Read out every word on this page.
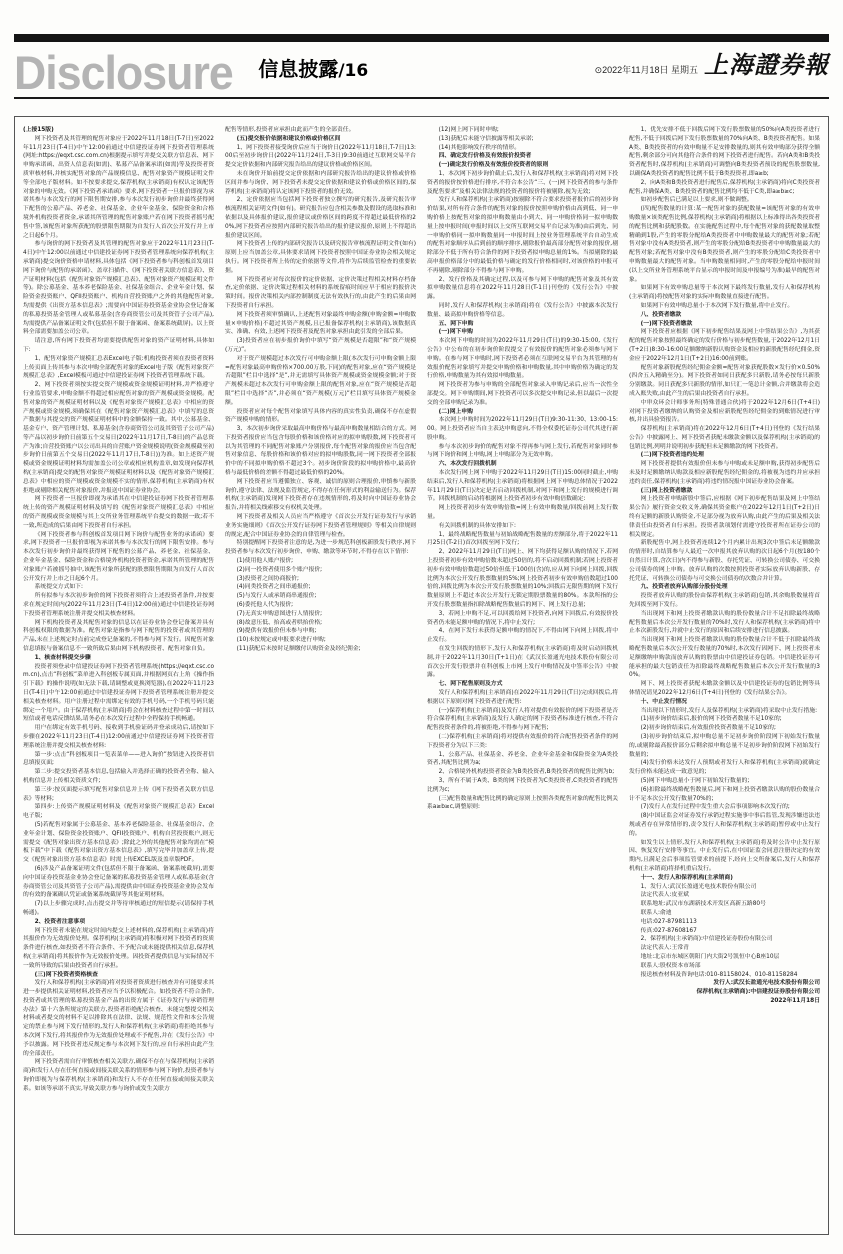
Disclosure 信息披露/16	⊙2022年11月18日 星期五 上海證券報

(上接15版)

网下投资者及其管理的配售对象应于2022年11月18日(T-7日)至2022年11月23日(T-4日)中午12:00前通过中信建投证券网下投资者管理系统(网址:https://eqxt.csc.com.cn)根据提示填写并提交关联方信息表、网下申购承诺函、出资人信息表(如需)、私募产品备案承诺(如需)等及投资者资质审核材料,并核实配售对象的产品规模信息、配售对象资产规模证明文件等全部电子版材料。如不按要求提交,保荐机构(主承销商)有权认定该配售对象的申购无效。《网下投资者承诺函》要求,网下投资者一旦报价即视为承诺其参与本次发行的网下限售期安排,参与本次发行初步询价并最终获得网下配售的公募产品、养老金、社保基金、企业年金基金、保险资金和合格境外机构投资者资金,承诺其所管理的配售对象账户若在网下投资者摇号配售中签,该配售对象所获配的股票限售期限为自发行人首次公开发行并上市之日起6个月。

参与询价的网下投资者及其管理的配售对象应于2022年11月23日(T-4日)中午12:00以前通过中信建投证券网下投资者管理系统向保荐机构(主承销商)提交询价资格申请材料,具体包括《网下投资者参与科创板首发项目网下询价与配售的承诺函》、盖章扫描件、《网下投资者关联方信息表》、资产证明材料(包括《配售对象资产规模汇总表》、配售对象资产规模证明文件等)。除公募基金、基本养老保险基金、社保基金组合、企业年金计划、保险资金投资账户、QFII投资账户、机构自营投资账户之外的其他配售对象,均需提供《出资方基本信息表》;需要向中国证券投资基金业协会登记备案的私募投资基金管理人或私募基金(含券商资管公司及其资管子公司产品),均需提供产品备案证明文件(包括但不限于备案函、备案系统截屏)。以上资料全部需要加盖公司公章。

请注意,所有网下投资者均需要提供配售对象的资产证明材料,具体如下:

1、配售对象资产规模汇总表Excel电子版:机构投资者须在投资者资料上传页面上传其参与本次申购全部配售对象的Excel电子版《配售对象资产规模汇总表》,Excel模板可通过中信建投证券网下投资者管理系统下载。

2、网下投资者须按实提交资产规模或资金规模证明材料,并严格遵守行业监管要求,申购金额不得超过相应配售对象的资产规模或资金规模。配售对象的资产规模证明材料以及《配售对象资产规模汇总表》中相应的资产规模或资金规模,须确保其在《配售对象资产规模汇总表》中填写的总资产数据与其提交的资产规模证明材料中的金额保持一致。其中,公募基金、基金专户、资产管理计划、私募基金(含券商资管公司及其资管子公司产品)等产品以初步询价日前第五个交易日(2022年11月17日,T-8日)的产品总资产为准;自营投资账户以公司出具的自营账户资金规模说明(资金规模截至初步询价日前第五个交易日(2022年11月17日,T-8日))为准。如上述资产规模或资金规模证明材料均需加盖公司公章或相应机构盖章,如发现向保荐机构(主承销商)提交的配售对象资产规模证明材料以及《配售对象资产规模汇总表》中相应的资产规模或资金规模不实的情形,保荐机构(主承销商)有权拒绝或剔除相关配售对象报价,并报送中国证券业协会。

网下投资者一旦报价即视为承诺其在中信建投证券网下投资者管理系统上传的资产规模证明材料及填写的《配售对象资产规模汇总表》中相应的资产规模或资金规模与其上交所业务管理系统平台提交的数据一致;若不一致,所造成的后果由网下投资者自行承担。

《网下投资者参与科创板首发项目网下询价与配售业务的承诺函》要求,网下投资者一旦报价即视为承诺其参与本次发行的网下限售安排。参与本次发行初步询价并最终获得网下配售的公募产品、养老金、社保基金、企业年金基金、保险资金和合格境外机构投资者资金,承诺其所管理的配售对象账户若被摇号抽中,该配售对象所获配的股票限售期限为自发行人首次公开发行并上市之日起6个月。

系统提交方式如下:

所有拟参与本次初步询价的网下投资者须符合上述投资者条件,并按要求在规定时间内(2022年11月23日(T-4日)12:00前)通过中信建投证券网下投资者管理系统注册并提交相关核查材料。

网下机构投资者及其配售对象的信息以在证券业协会登记备案并具有科创板权限的数据为准。配售对象是指参与网下配售的投资者或其管理的产品,未在上述规定时点前完成登记备案的,不得参与网下发行。因配售对象信息填报与备案信息不一致所致后果由网下机构投资者、配售对象自负。

1、核查材料提交步骤

投资者须登录中信建投证券网下投资者管理系统(https://eqxt.csc.com.cn),点击“科创板”菜单进入科创板专属页面,并根据网页右上角《操作指引下载》的操作说明(如无法下载,请调整或更换浏览器),在2022年11月23日(T-4日)中午12:00前通过中信建投证券网下投资者管理系统注册并提交相关核查材料。用户注册过程中需绑定有效的手机号码,一个手机号码只能绑定一个用户。由于保荐机构(主承销商)将会在材料核查过程中第一时间以短信或者电话反馈结果,请务必在本次发行过程中全程保持手机畅通。

用户在绑定有效手机号码、接收到手机验证码并登录成功后,请按如下步骤在2022年11月23日(T-4日)12:00前通过中信建投证券网下投资者管理系统注册并提交相关核查材料:

第一步:点击“科创板项目一览表菜单——进入询价”按钮进入投资者信息填报页面;

第二步:提交投资者基本信息,包括输入并选择正确的投资者全称、输入机构信息并上传相关资质文件;

第三步:按页面提示填写配售对象信息并上传《网下投资者关联方信息表》等材料;

第四步:上传资产规模证明材料及《配售对象资产规模汇总表》Excel电子版;

(5)若配售对象属于公募基金、基本养老保险基金、社保基金组合、企业年金计划、保险资金投资账户、QFII投资账户、机构自营投资账户,则无需提交《配售对象出资方基本信息表》;除此之外的其他配售对象均需在“模板下载”中下载《配售对象出资方基本信息表》,填写完毕并加盖章上传,提交《配售对象出资方基本信息表》时需上传EXCEL版及盖章版PDF。

(6)涉及产品备案证明文件(包括但不限于备案函、备案系统截屏),需要向中国证券投资基金业协会登记备案的私募投资基金管理人或私募基金(含券商资管公司及其资管子公司产品),需提供由中国证券投资基金业协会发布的有效的备案确认凭证或备案系统截屏等其他证明材料。

(7)以上步骤完成时,点击提交并等待审核通过的短信提示(请保持手机畅通)。

2、投资者注意事项

网下投资者未能在规定时间内提交上述材料的,保荐机构(主承销商)将其报价作为无效报价处理。保荐机构(主承销商)将积极对网下投资者的资质条件进行核查,如投资者不符合条件、不予配合或未能提供相关信息,保荐机构(主承销商)将其报价作为无效报价处理。因投资者提供信息与实际情况不一致所导致的后果由投资者自行承担。

(三)网下投资者资格核查

发行人和保荐机构(主承销商)将对投资者资质进行核查并有可能要求其进一步提供相关证明材料,投资者应当予以积极配合。如投资者不符合条件,投资者或其管理的私募投资基金产品的出资方属于《证券发行与承销管理办法》第十六条所规定的关联方,投资者拒绝配合核查、未能完整提交相关材料或者提交的材料不足以排除其在法律、法规、规范性文件和本公告规定的禁止参与网下发行情形的,发行人和保荐机构(主承销商)将拒绝其参与本次网下发行,将其报价作为无效报价处理或不予配售,并在《发行公告》中予以披露。网下投资者违反规定参与本次网下发行的,应自行承担由此产生的全部责任。

网下投资者需自行审慎核查相关关联方,确保不存在与保荐机构(主承销商)和发行人存在任何直接或间接关联关系的情形参与网下询价,投资者参与询价即视为与保荐机构(主承销商)和发行人不存在任何直接或间接关联关系。如该等承诺不真实,导致关联方参与询价或发生关联方

配售等情形,投资者应承担由此而产生的全部责任。

(五)提交报价依据和建议价格或价格区间

1、网下投资者接受询价后应当于询价日(2022年11月18日,T-7日)13:00后至初步询价日(2022年11月24日,T-3日)9:30前通过互联网交易平台提交定价依据和内部研究报告给出的建议价格或价格区间。

未在询价开始前提交定价依据和内部研究报告给出的建议价格或价格区间并参与询价、网下投资者未提交定价依据和建议价格或价格区间的,保荐机构(主承销商)将认定该网下投资者的报价无效。

2、定价依据应当包括网下投资者独立撰写的研究报告,及研究报告审核流程相关证明文件(如有)。研究报告应包含相关参数及假设的选取标准和依据以及具体报价建议,报价建议或价格区间的跨度不得超过最低价格的20%,网下投资者应按照内部研究报告给出的报价建议报价,原则上不得超出报价建议区间。

网下投资者上传的内部研究报告以及研究报告审核流程证明文件(如有)原则上应当加盖公章,具体要求请网下投资者按照中国证券业协会相关规定执行。网下投资者所上传的定价依据等文件,将作为后续监管检查的重要依据。

网下投资者应对每次报价的定价依据、定价决策过程相关材料存档备查,定价依据、定价决策过程相关材料的系统留痕时间应早于相应的报价决策时间。报价决策相关内部控制制度无法有效执行的,由此产生的后果由网下投资者自行承担。

网下投资者须审慎确认,上述配售对象最终申购金额(申购金额=申购数量×申购价格)不超过其资产规模,且已报备保荐机构(主承销商),该数据真实、准确、有效,上述网下投资者及配售对象承担由此引发的全部后果。

(3)投资者应在初步报价询价中填写“资产规模是否超限”和“资产规模(万元)”。

对于资产规模超过本次发行可申购金额上限(本次发行可申购金额上限=配售对象最高申购价格×700.00万股,下同)的配售对象,应在“资产规模是否超限”栏目中选择“是”,并无需填写具体资产规模或资金规模金额;对于资产规模未超过本次发行可申购金额上限的配售对象,应在“资产规模是否超限”栏目中选择“否”,并必须在“资产规模(万元)”栏目填写具体资产规模金额。

投资者应对每个配售对象填写具体内容的真实性负责,确保不存在虚假资产规模申购的情形。

3、本次初步询价采取最高申购价格与最高申购数量相结合的方式。网下投资者报价应当包含每股价格和该价格对应的拟申购股数,网下投资者可以为其管理的不同配售对象账户分别报价,每个配售对象的报价应当包含配售对象信息、每股价格和该价格对应的拟申购股数,同一网下投资者全部报价中的不同拟申购价格不超过3个。初步询价阶段的拟申购价格中,最高价格与最低价格的差额不得超过最低价格的20%。

网下投资者应当遵循独立、客观、诚信的原则合理报价,审慎参与新股询价,遵守法律、法规及监管规定,不得存在任何形式的利益输送行为。保荐机构(主承销商)发现网下投资者存在违规情形的,将及时向中国证券业协会报告,并将相关线索移交有权机关处理。

网下投资者及相关人员应当严格遵守《首次公开发行证券发行与承销业务实施细则》《首次公开发行证券网下投资者管理规则》等相关自律规则的规定,配合中国证券业协会的自律管理与检查。

特别提醒网下投资者注意的是,为进一步规范科创板新股发行秩序,网下投资者参与本次发行初步询价、申购、缴款等环节时,不得存在以下情形:

(1)使用他人账户报价;

(2)同一投资者使用多个账户报价;

(3)投资者之间协商报价;

(4)同类投资者之间串通报价;

(5)与发行人或承销商串通报价;

(6)委托他人代为报价;

(7)无真实申购意图进行人情报价;

(8)故意压低、抬高或者哄抬价格;

(9)提供有效报价但未参与申购;

(10)未按规定或申报要求进行申购;

(11)获配后未按时足额缴付认购资金及经纪佣金;

(12)网上网下同时申购;

(13)获配后未能守信披露等相关承诺;

(14)其他影响发行秩序的情形。

四、确定发行价格及有效报价投资者

(一)确定发行价格及有效报价投资者的原则

1、本次网下初步询价截止后,发行人和保荐机构(主承销商)将对网下投资者的报价按价格进行排序,不符合本公告“三、(一)网下投资者的参与条件及配售要求”及相关法律法规的投资者的报价将被剔除,视为无效;

发行人和保荐机构(主承销商)按剔除不符合要求投资者报价后的初步询价结果,对所有符合条件的配售对象的报价按照申购价格由高到低、同一申购价格上按配售对象的拟申购数量由小到大、同一申购价格同一拟申购数量上按申报时间(申报时间以上交所互联网交易平台记录为准)由后到先、同一申购价格同一拟申购数量同一申报时间上按业务管理系统平台自动生成的配售对象顺序从后到前的顺序排序,剔除报价最高部分配售对象的报价,剔除部分不低于所有符合条件的网下投资者拟申购总量的1%。当拟剔除的最高申报价格部分中的最低价格与确定的发行价格相同时,对该价格的申报可不再剔除,剔除部分不得参与网下申购。

2、发行价格及其确定过程,以及可参与网下申购的配售对象及其有效拟申购数量信息将在2022年11月28日(T-1日)刊登的《发行公告》中披露。

同时,发行人和保荐机构(主承销商)将在《发行公告》中披露本次发行数量、最高拟申购价格等信息。

五、网下申购

(一)网下申购

本次网下申购的时间为2022年11月29日(T日)的9:30-15:00,《发行公告》中公布的在初步询价阶段提交了有效报价的配售对象必须参与网下申购。在参与网下申购时,网下投资者必须在互联网交易平台为其管理的有效报价配售对象填写并提交申购价格和申购数量,其中申购价格为确定的发行价格,申购数量为其有效拟申购数量。

网下投资者为参与申购的全部配售对象录入申购记录后,应当一次性全部提交。网下申购期间,网下投资者可以多次提交申购记录,但以最后一次提交的全部申购记录为准。

(二)网上申购

本次网上申购时间为2022年11月29日(T日)9:30-11:30、13:00-15:00。网上投资者应当自主表达申购意向,不得全权委托证券公司代其进行新股申购。

参与本次初步询价的配售对象不得再参与网上发行,若配售对象同时参与网下询价和网上申购,网上申购部分为无效申购。

六、本次发行回拨机制

本次发行网上网下申购于2022年11月29日(T日)15:00同时截止,申购结束后,发行人和保荐机构(主承销商)将根据网上网下申购总体情况于2022年11月29日(T日)决定是否启动回拨机制,对网下和网上发行的规模进行调节。回拨机制的启动将根据网上投资者初步有效申购倍数确定:

网上投资者初步有效申购倍数=网上有效申购数量/回拨前网上发行数量。

有关回拨机制的具体安排如下:

1、最终战略配售数量与初始战略配售数量的差额部分,将于2022年11月25日(T-2日)首次回拨至网下发行;

2、2022年11月29日(T日)网上、网下均获得足额认购的情况下,若网上投资者初步有效申购倍数未超过50倍的,将不启动回拨机制;若网上投资者初步有效申购倍数超过50倍但低于100倍(含)的,应从网下向网上回拨,回拨比例为本次公开发行股票数量的5%;网上投资者初步有效申购倍数超过100倍的,回拨比例为本次公开发行股票数量的10%;回拨后无限售期的网下发行数量原则上不超过本次公开发行无锁定期股票数量的80%。本款所指的公开发行股票数量指扣除战略配售数量后的网下、网上发行总量;

3、若网上申购不足,可以回拨给网下投资者,向网下回拨后,有效报价投资者仍未能足额申购的情况下,将中止发行;

4、在网下发行未获得足额申购的情况下,不得由网下向网上回拨,将中止发行。

在发生回拨的情形下,发行人和保荐机构(主承销商)将及时启动回拨机制,并于2022年11月30日(T+1日)在《武汉长盈通光电技术股份有限公司首次公开发行股票并在科创板上市网上发行申购情况及中签率公告》中披露。

七、网下配售原则及方式

发行人和保荐机构(主承销商)在2022年11月29日(T日)完成回拨后,将根据以下原则对网下投资者进行配售:

(一)保荐机构(主承销商)及发行人将对提供有效报价的网下投资者是否符合保荐机构(主承销商)及发行人确定的网下投资者标准进行核查,不符合配售投资者条件的,将被拒绝,不得参与网下配售;

(二)保荐机构(主承销商)将对提供有效报价的符合配售投资者条件的网下投资者分为以下三类:

1、公募产品、社保基金、养老金、企业年金基金和保险资金为A类投资者,其配售比例为a;

2、合格境外机构投资者资金为B类投资者,B类投资者的配售比例为b;

3、所有不属于A类、B类的网下投资者为C类投资者,C类投资者的配售比例为c;

(三)配售数量和配售比例的确定原则上按照各类配售对象的配售比例关系a≥b≥c,调整原则:

1、优先安排不低于回拨后网下发行股票数量的50%向A类投资者进行配售,不低于回拨后网下发行股票数量的70%向A类、B类投资者配售。如果A类、B类投资者的有效申购量不足安排数量的,则其有效申购部分获得全额配售,剩余部分可向其他符合条件的网下投资者进行配售。若向A类和B类投资者配售时,保荐机构(主承销商)可调整向B类投资者预设的配售股票数量,以确保A类投资者的配售比例不低于B类投资者,即a≥b;

2、向A类和B类投资者进行配售后,保荐机构(主承销商)将向C类投资者配售,并确保A类、B类投资者的配售比例均不低于C类,即a≥b≥c;

如初步配售后已满足以上要求,则不做调整。

(四)配售数量的计算:某一配售对象的获配数量=该配售对象的有效申购数量×该类配售比例,保荐机构(主承销商)将根据以上标准得出各类投资者的配售比例和获配股数。在实施配售过程中,每个配售对象的获配数量取整精确到1股,产生的零股分配给A类投资者中申购数量最大的配售对象;若配售对象中没有A类投资者,则产生的零股分配给B类投资者中申购数量最大的配售对象;若配售对象中没有B类投资者,则产生的零股分配给C类投资者中申购数量最大的配售对象。当申购数量相同时,产生的零股分配给申报时间(以上交所业务管理系统平台显示的申报时间及申报编号为准)最早的配售对象。

如果网下有效申购总量等于本次网下最终发行数量,发行人和保荐机构(主承销商)将按配售对象的实际申购数量直接进行配售。

如果网下有效申购总量小于本次网下发行数量,将中止发行。

八、投资者缴款

(一)网下投资者缴款

网下投资者应根据《网下初步配售结果及网上中签结果公告》,为其获配的配售对象按照最终确定的发行价格与初步配售数量,于2022年12月1日(T+2日)8:30-16:00足额缴纳新股认购资金及相应的新股配售经纪佣金,资金应于2022年12月1日(T+2日)16:00前到账。

配售对象新股配售经纪佣金金额=配售对象获配股数×发行价×0.50%(四舍五入精确至分)。网下投资者如同日获配多只新股,请务必按每只新股分别缴款。同日获配多只新股的情形,如只汇一笔总计金额,合并缴款将会造成入账失败,由此产生的后果由投资者自行承担。

中审众环会计师事务所(特殊普通合伙)将于2022年12月6日(T+4日)对网下投资者缴纳的认购资金及相应新股配售经纪佣金的到账情况进行审核,并出具验资报告。

保荐机构(主承销商)将在2022年12月6日(T+4日)刊登的《发行结果公告》中披露网上、网下投资者获配未缴款金额以及保荐机构(主承销商)的包销比例,列明并说明初步获配但未足额缴款的网下投资者。

(二)网下投资者违约处理

网下投资者提供有效报价但未参与申购或未足额申购,获得初步配售后未及时足额缴纳认购款及相应新股配售经纪佣金的,将被视为违约并应承担违约责任,保荐机构(主承销商)将违约情况报中国证券业协会备案。

(三)网上投资者缴款

网上投资者申购新股中签后,应根据《网下初步配售结果及网上中签结果公告》履行资金交收义务,确保其资金账户在2022年12月1日(T+2日)日终有足额的新股认购资金,不足部分视为放弃认购,由此产生的后果及相关法律责任由投资者自行承担。投资者款项划付需遵守投资者所在证券公司的相关规定。

新股配售中,网上投资者连续12个月内累计出现3次中签后未足额缴款的情形时,自结算参与人最近一次申报其放弃认购的次日起6个月(按180个自然日计算,含次日)内不得参与新股、存托凭证、可转换公司债券、可交换公司债券的网上申购。放弃认购的次数按照投资者实际放弃认购新股、存托凭证、可转换公司债券与可交换公司债券的次数合并计算。

九、投资者放弃认购部分股份处理

投资者放弃认购的股份由保荐机构(主承销商)包销,其余购股数量将首先回拨至网下发行。

当出现网下和网上投资者缴款认购的股份数量合计不足扣除最终战略配售数量后本次公开发行数量的70%时,发行人和保荐机构(主承销商)将中止本次新股发行,并就中止发行的原因和后续安排进行信息披露。

当出现网下和网上投资者缴款认购的股份数量合计不低于扣除最终战略配售数量后本次公开发行数量的70%时,本次发行因网下、网上投资者未足额缴纳申购款而放弃认购的股票由中信建投证券包销。中信建投证券可能承担的最大包销责任为扣除最终战略配售数量后本次公开发行数量的30%。

网下、网上投资者获配未缴款金额以及中信建投证券的包销比例等具体情况请见2022年12月6日(T+4日)刊登的《发行结果公告》。

十、中止发行情况

当出现以下情形时,发行人及保荐机构(主承销商)将采取中止发行措施:

(1)初步询价结束后,报价的网下投资者数量不足10家的;

(2)初步询价结束后,有效报价投资者数量不足10家的;

(3)初步询价结束后,拟申购总量不足初步询价阶段网下初始发行数量的,或剔除最高报价部分后剩余拟申购总量不足初步询价阶段网下初始发行数量的;

(4)发行价格未达发行人预期或者发行人和保荐机构(主承销商)就确定发行价格未能达成一致意见的;

(5)网下申购总量小于网下初始发行数量的;

(6)扣除最终战略配售数量后,网下和网上投资者缴款认购的股份数量合计不足本次公开发行数量70%的;

(7)发行人在发行过程中发生重大会后事项影响本次发行的;

(8)中国证监会对证券发行承销过程实施事中事后监管,发现涉嫌违法违规或者存在异常情形的,责令发行人和保荐机构(主承销商)暂停或中止发行的。

如发生以上情形,发行人和保荐机构(主承销商)将及时公告中止发行原因、恢复发行安排等事宜。中止发行后,在中国证监会同意注册决定的有效期内,且满足会后事项监管要求的前提下,经向上交所备案后,发行人和保荐机构(主承销商)将择机重启发行。

十一、发行人和保荐机构(主承销商)

1、发行人:武汉长盈通光电技术股份有限公司

法定代表人:皮亚斌

联系地址:武汉市东湖新技术开发区高新五路80号

联系人:俞迪

电话:027-87981113

传真:027-87608167

2、保荐机构(主承销商):中信建投证券股份有限公司

法定代表人:王常青

地址:北京市东城区朝阳门内大街2号凯恒中心B座10层

联系人:股权资本市场部

报送核查材料及咨询电话:010-81158024、010-81158284

发行人:武汉长盈通光电技术股份有限公司

保荐机构(主承销商):中信建投证券股份有限公司

2022年11月18日
